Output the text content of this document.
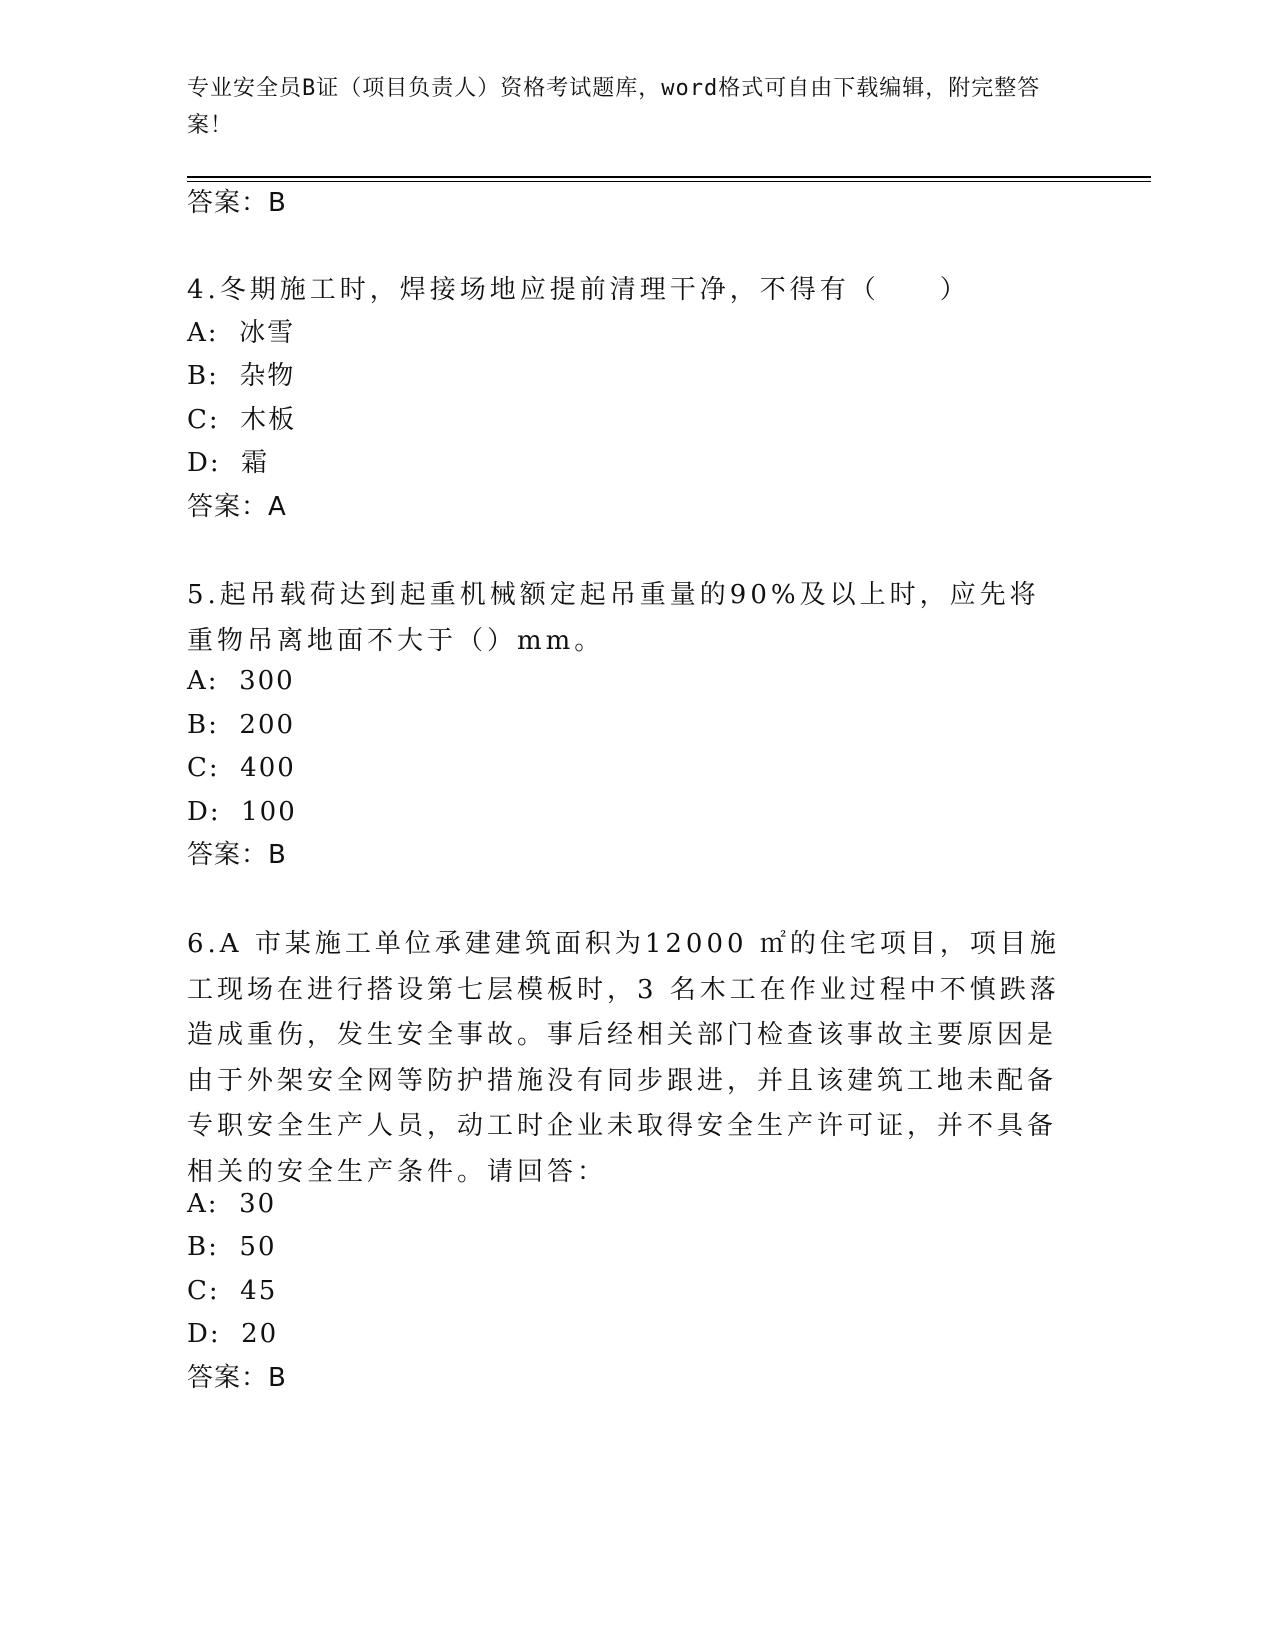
专业安全员B证（项目负责人）资格考试题库，word格式可自由下载编辑，附完整答案！
答案：B
4.冬期施工时，焊接场地应提前清理干净，不得有（　　）
A:  冰雪
B:  杂物
C:  木板
D:  霜
答案：A
5.起吊载荷达到起重机械额定起吊重量的90%及以上时，应先将重物吊离地面不大于（）mm。
A:  300
B:  200
C:  400
D:  100
答案：B
6.A 市某施工单位承建建筑面积为12000 ㎡的住宅项目，项目施工现场在进行搭设第七层模板时，3 名木工在作业过程中不慎跌落造成重伤，发生安全事故。事后经相关部门检查该事故主要原因是由于外架安全网等防护措施没有同步跟进，并且该建筑工地未配备专职安全生产人员，动工时企业未取得安全生产许可证，并不具备相关的安全生产条件。请回答：
A:  30
B:  50
C:  45
D:  20
答案：B
